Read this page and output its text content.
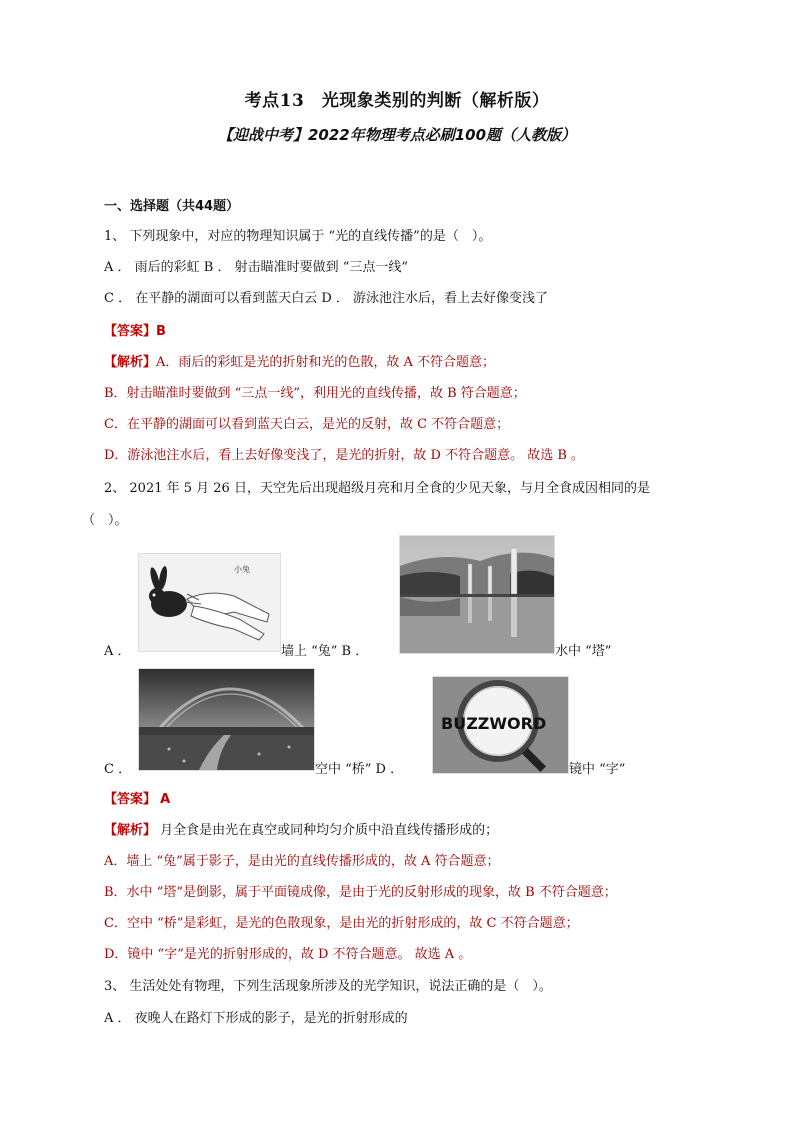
考点13　光现象类别的判断（解析版）
【迎战中考】2022年物理考点必刷100题（人教版）
一、选择题（共44题）
1、 下列现象中，对应的物理知识属于 “光的直线传播”的是（　）。
A ． 雨后的彩虹 B ． 射击瞄准时要做到 “三点一线”
C ． 在平静的湖面可以看到蓝天白云 D ． 游泳池注水后，看上去好像变浅了
【答案】B
【解析】A．雨后的彩虹是光的折射和光的色散，故 A 不符合题意；
B．射击瞄准时要做到 “三点一线”，利用光的直线传播，故 B 符合题意；
C．在平静的湖面可以看到蓝天白云，是光的反射，故 C 不符合题意；
D．游泳池注水后，看上去好像变浅了，是光的折射，故 D 不符合题意。 故选 B 。
2、 2021 年 5 月 26 日，天空先后出现超级月亮和月全食的少见天象，与月全食成因相同的是
（　）。
A ．
小兔
墙上 “兔” B ．	水中 “塔”
C ．	空中 “桥” D ．
BUZZWORD
镜中 “字”
【答案】 A
【解析】 月全食是由光在真空或同种均匀介质中沿直线传播形成的；
A．墙上 “兔”属于影子，是由光的直线传播形成的，故 A 符合题意；
B．水中 “塔”是倒影，属于平面镜成像，是由于光的反射形成的现象，故 B 不符合题意；
C．空中 “桥”是彩虹，是光的色散现象，是由光的折射形成的，故 C 不符合题意；
D．镜中 “字”是光的折射形成的，故 D 不符合题意。 故选 A 。
3、 生活处处有物理，下列生活现象所涉及的光学知识，说法正确的是（　）。
A ． 夜晚人在路灯下形成的影子，是光的折射形成的
